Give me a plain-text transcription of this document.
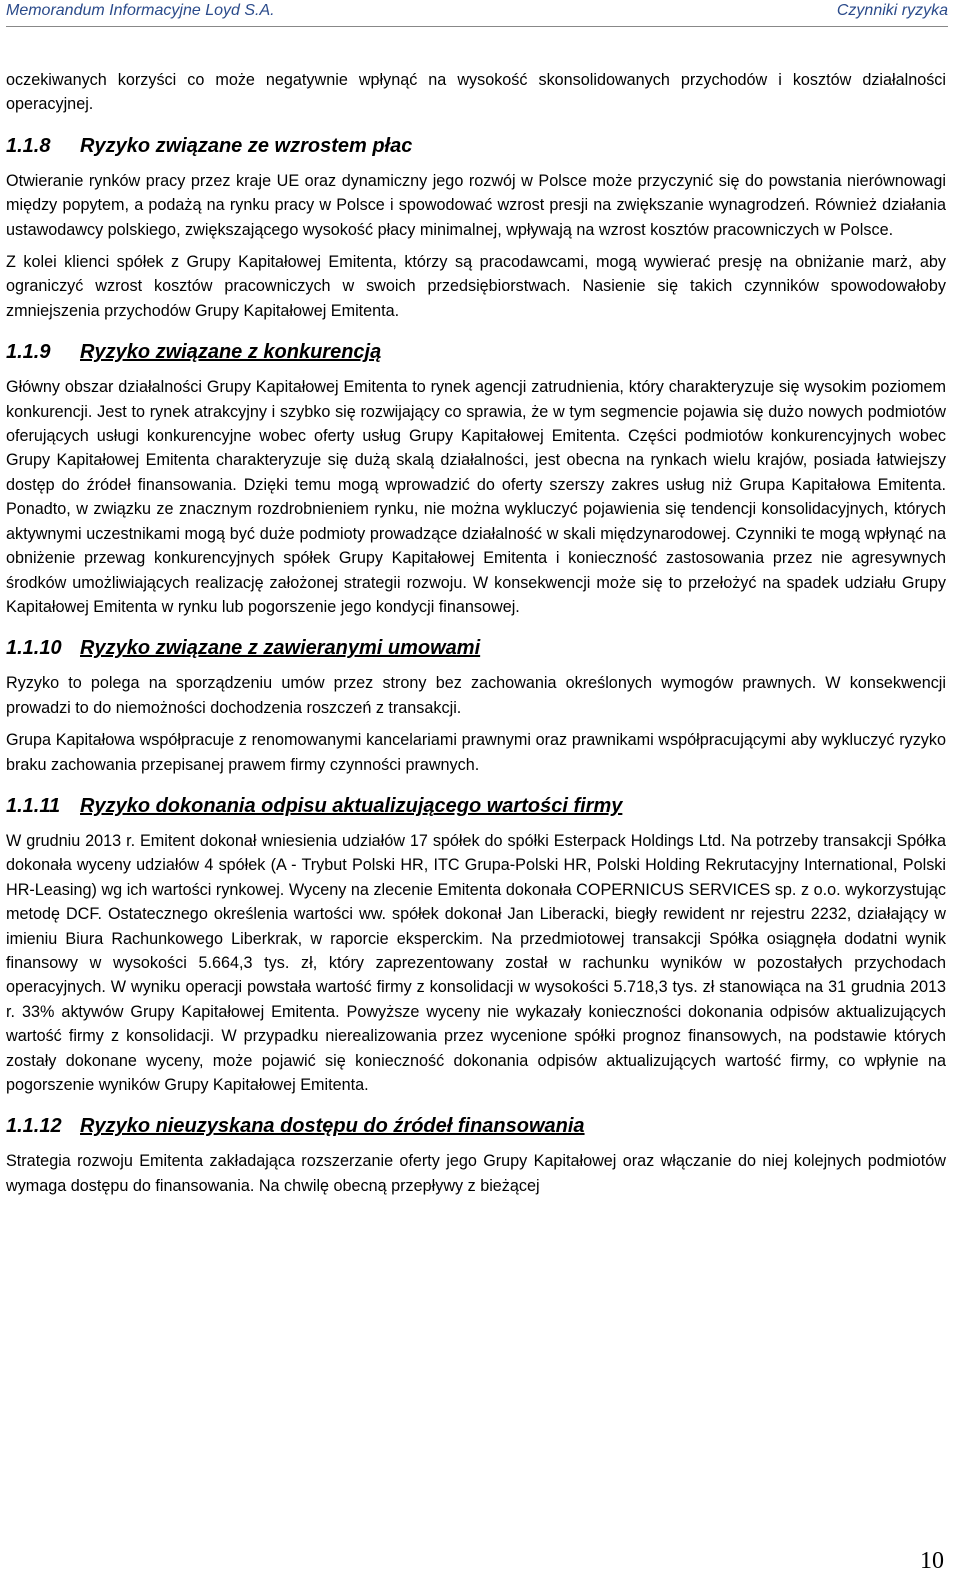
Memorandum Informacyjne Loyd S.A.	Czynniki ryzyka

oczekiwanych korzyści co może negatywnie wpłynąć na wysokość skonsolidowanych przychodów i kosztów działalności operacyjnej.

1.1.8 Ryzyko związane ze wzrostem płac

Otwieranie rynków pracy przez kraje UE oraz dynamiczny jego rozwój w Polsce może przyczynić się do powstania nierównowagi między popytem, a podażą na rynku pracy w Polsce i spowodować wzrost presji na zwiększanie wynagrodzeń. Również działania ustawodawcy polskiego, zwiększającego wysokość płacy minimalnej, wpływają na wzrost kosztów pracowniczych w Polsce.

Z kolei klienci spółek z Grupy Kapitałowej Emitenta, którzy są pracodawcami, mogą wywierać presję na obniżanie marż, aby ograniczyć wzrost kosztów pracowniczych w swoich przedsiębiorstwach. Nasienie się takich czynników spowodowałoby zmniejszenia przychodów Grupy Kapitałowej Emitenta.

1.1.9 Ryzyko związane z konkurencją

Główny obszar działalności Grupy Kapitałowej Emitenta to rynek agencji zatrudnienia, który charakteryzuje się wysokim poziomem konkurencji. Jest to rynek atrakcyjny i szybko się rozwijający co sprawia, że w tym segmencie pojawia się dużo nowych podmiotów oferujących usługi konkurencyjne wobec oferty usług Grupy Kapitałowej Emitenta. Części podmiotów konkurencyjnych wobec Grupy Kapitałowej Emitenta charakteryzuje się dużą skalą działalności, jest obecna na rynkach wielu krajów, posiada łatwiejszy dostęp do źródeł finansowania. Dzięki temu mogą wprowadzić do oferty szerszy zakres usług niż Grupa Kapitałowa Emitenta. Ponadto, w związku ze znacznym rozdrobnieniem rynku, nie można wykluczyć pojawienia się tendencji konsolidacyjnych, których aktywnymi uczestnikami mogą być duże podmioty prowadzące działalność w skali międzynarodowej. Czynniki te mogą wpłynąć na obniżenie przewag konkurencyjnych spółek Grupy Kapitałowej Emitenta i konieczność zastosowania przez nie agresywnych środków umożliwiających realizację założonej strategii rozwoju. W konsekwencji może się to przełożyć na spadek udziału Grupy Kapitałowej Emitenta w rynku lub pogorszenie jego kondycji finansowej.

1.1.10 Ryzyko związane z zawieranymi umowami

Ryzyko to polega na sporządzeniu umów przez strony bez zachowania określonych wymogów prawnych. W konsekwencji prowadzi to do niemożności dochodzenia roszczeń z transakcji.

Grupa Kapitałowa współpracuje z renomowanymi kancelariami prawnymi oraz prawnikami współpracującymi aby wykluczyć ryzyko braku zachowania przepisanej prawem firmy czynności prawnych.

1.1.11 Ryzyko dokonania odpisu aktualizującego wartości firmy

W grudniu 2013 r. Emitent dokonał wniesienia udziałów 17 spółek do spółki Esterpack Holdings Ltd. Na potrzeby transakcji Spółka dokonała wyceny udziałów 4 spółek (A - Trybut Polski HR, ITC Grupa-Polski HR, Polski Holding Rekrutacyjny International, Polski HR-Leasing) wg ich wartości rynkowej. Wyceny na zlecenie Emitenta dokonała COPERNICUS SERVICES sp. z o.o. wykorzystując metodę DCF. Ostatecznego określenia wartości ww. spółek dokonał Jan Liberacki, biegły rewident nr rejestru 2232, działający w imieniu Biura Rachunkowego Liberkrak, w raporcie eksperckim. Na przedmiotowej transakcji Spółka osiągnęła dodatni wynik finansowy w wysokości 5.664,3 tys. zł, który zaprezentowany został w rachunku wyników w pozostałych przychodach operacyjnych. W wyniku operacji powstała wartość firmy z konsolidacji w wysokości 5.718,3 tys. zł stanowiąca na 31 grudnia 2013 r. 33% aktywów Grupy Kapitałowej Emitenta. Powyższe wyceny nie wykazały konieczności dokonania odpisów aktualizujących wartość firmy z konsolidacji. W przypadku nierealizowania przez wycenione spółki prognoz finansowych, na podstawie których zostały dokonane wyceny, może pojawić się konieczność dokonania odpisów aktualizujących wartość firmy, co wpłynie na pogorszenie wyników Grupy Kapitałowej Emitenta.

1.1.12 Ryzyko nieuzyskana dostępu do źródeł finansowania

Strategia rozwoju Emitenta zakładająca rozszerzanie oferty jego Grupy Kapitałowej oraz włączanie do niej kolejnych podmiotów wymaga dostępu do finansowania. Na chwilę obecną przepływy z bieżącej

10
